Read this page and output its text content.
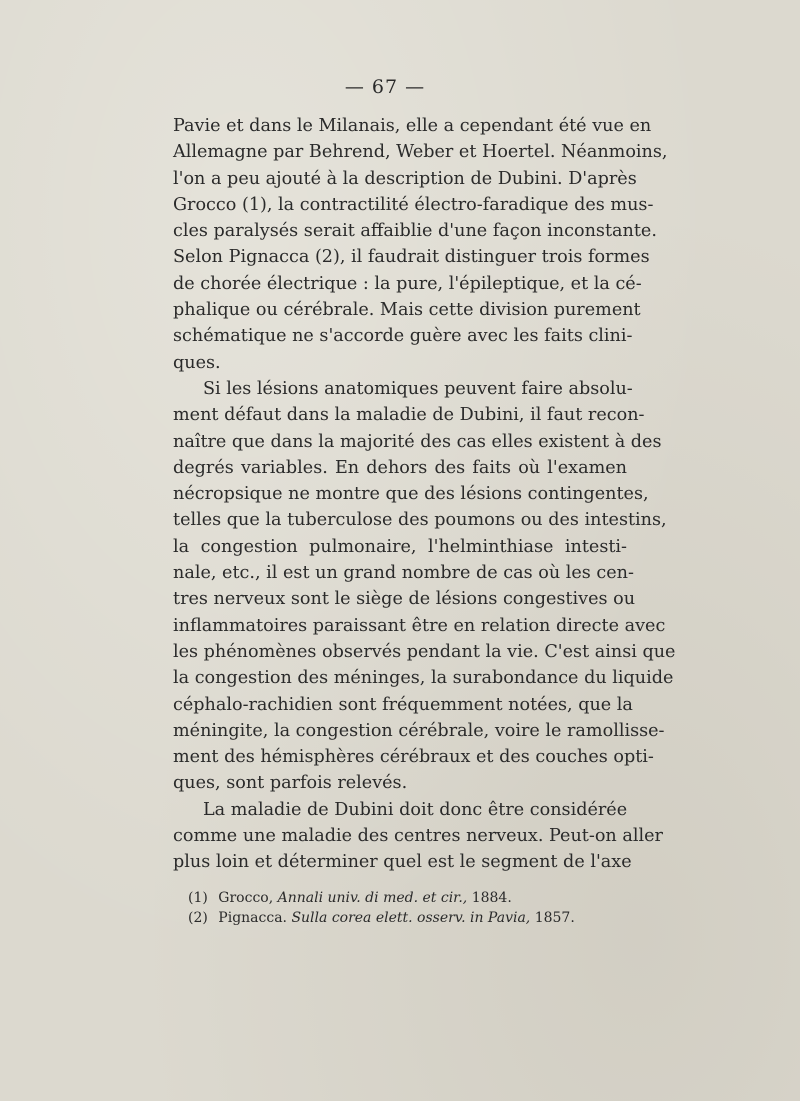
— 67 —
Pavie et dans le Milanais, elle a cependant été vue en
Allemagne par Behrend, Weber et Hoertel. Néanmoins,
l'on a peu ajouté à la description de Dubini. D'après
Grocco (1), la contractilité électro-faradique des mus-
cles paralysés serait affaiblie d'une façon inconstante.
Selon Pignacca (2), il faudrait distinguer trois formes
de chorée électrique : la pure, l'épileptique, et la cé-
phalique ou cérébrale. Mais cette division purement
schématique ne s'accorde guère avec les faits clini-
ques.
Si les lésions anatomiques peuvent faire absolu-
ment défaut dans la maladie de Dubini, il faut recon-
naître que dans la majorité des cas elles existent à des
degrés variables. En dehors des faits où l'examen
nécropsique ne montre que des lésions contingentes,
telles que la tuberculose des poumons ou des intestins,
la congestion pulmonaire, l'helminthiase intesti-
nale, etc., il est un grand nombre de cas où les cen-
tres nerveux sont le siège de lésions congestives ou
inflammatoires paraissant être en relation directe avec
les phénomènes observés pendant la vie. C'est ainsi que
la congestion des méninges, la surabondance du liquide
céphalo-rachidien sont fréquemment notées, que la
méningite, la congestion cérébrale, voire le ramollisse-
ment des hémisphères cérébraux et des couches opti-
ques, sont parfois relevés.
La maladie de Dubini doit donc être considérée
comme une maladie des centres nerveux. Peut-on aller
plus loin et déterminer quel est le segment de l'axe
(1) Grocco, Annali univ. di med. et cir., 1884.
(2) Pignacca. Sulla corea elett. osserv. in Pavia, 1857.
